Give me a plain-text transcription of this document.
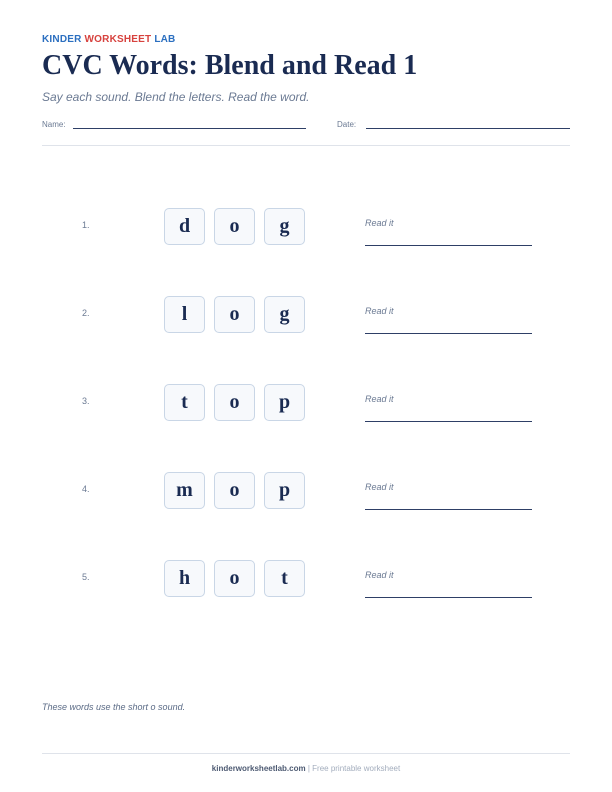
KINDER WORKSHEET LAB
CVC Words: Blend and Read 1
Say each sound. Blend the letters. Read the word.
Name:	Date:
1.	d	o	g	Read it
2.	l	o	g	Read it
3.	t	o	p	Read it
4.	m	o	p	Read it
5.	h	o	t	Read it
These words use the short o sound.
kinderworksheetlab.com | Free printable worksheet
